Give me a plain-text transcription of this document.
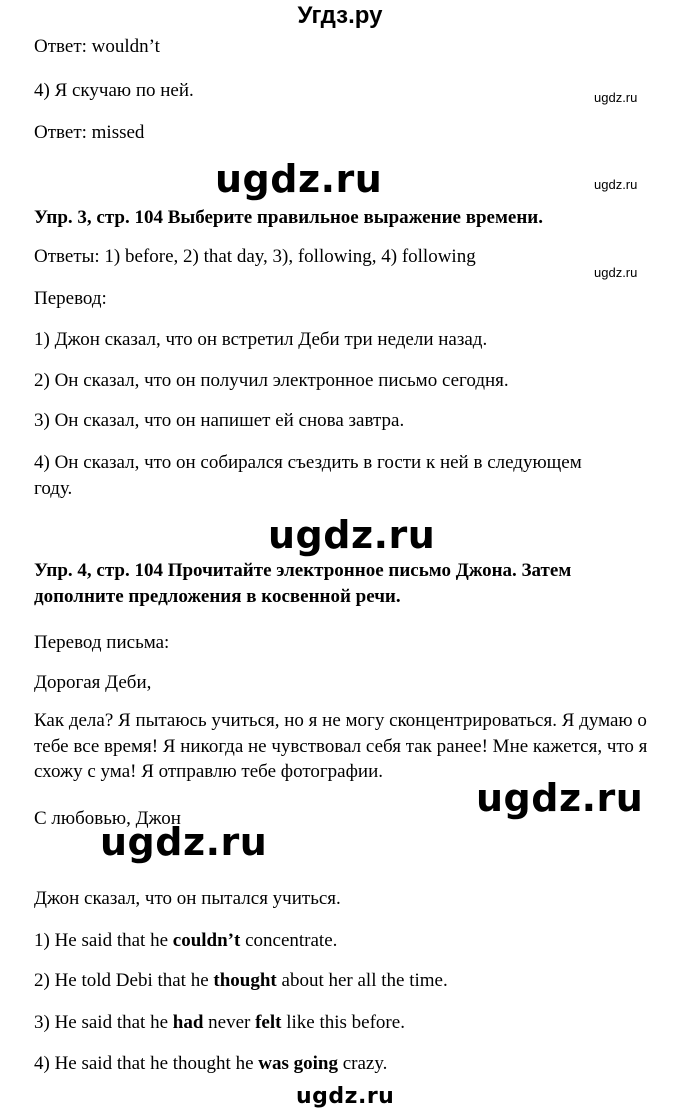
Угдз.ру
Ответ: wouldn’t
4) Я скучаю по ней.
Ответ: missed
Упр. 3, стр. 104 Выберите правильное выражение времени.
Ответы: 1) before, 2) that day, 3), following, 4) following
Перевод:
1) Джон сказал, что он встретил Деби три недели назад.
2) Он сказал, что он получил электронное письмо сегодня.
3) Он сказал, что он напишет ей снова завтра.
4) Он сказал, что он собирался съездить в гости к ней в следующем году.
Упр. 4, стр. 104 Прочитайте электронное письмо Джона. Затем дополните предложения в косвенной речи.
Перевод письма:
Дорогая Деби,
Как дела? Я пытаюсь учиться, но я не могу сконцентрироваться. Я думаю о тебе все время! Я никогда не чувствовал себя так ранее! Мне кажется, что я схожу с ума! Я отправлю тебе фотографии.
С любовью, Джон
Джон сказал, что он пытался учиться.
1) He said that he couldn’t concentrate.
2) He told Debi that he thought about her all the time.
3) He said that he had never felt like this before.
4) He said that he thought he was going crazy.
ugdz.ru
ugdz.ru
ugdz.ru
ugdz.ru
ugdz.ru
ugdz.ru
ugdz.ru
ugdz.ru
